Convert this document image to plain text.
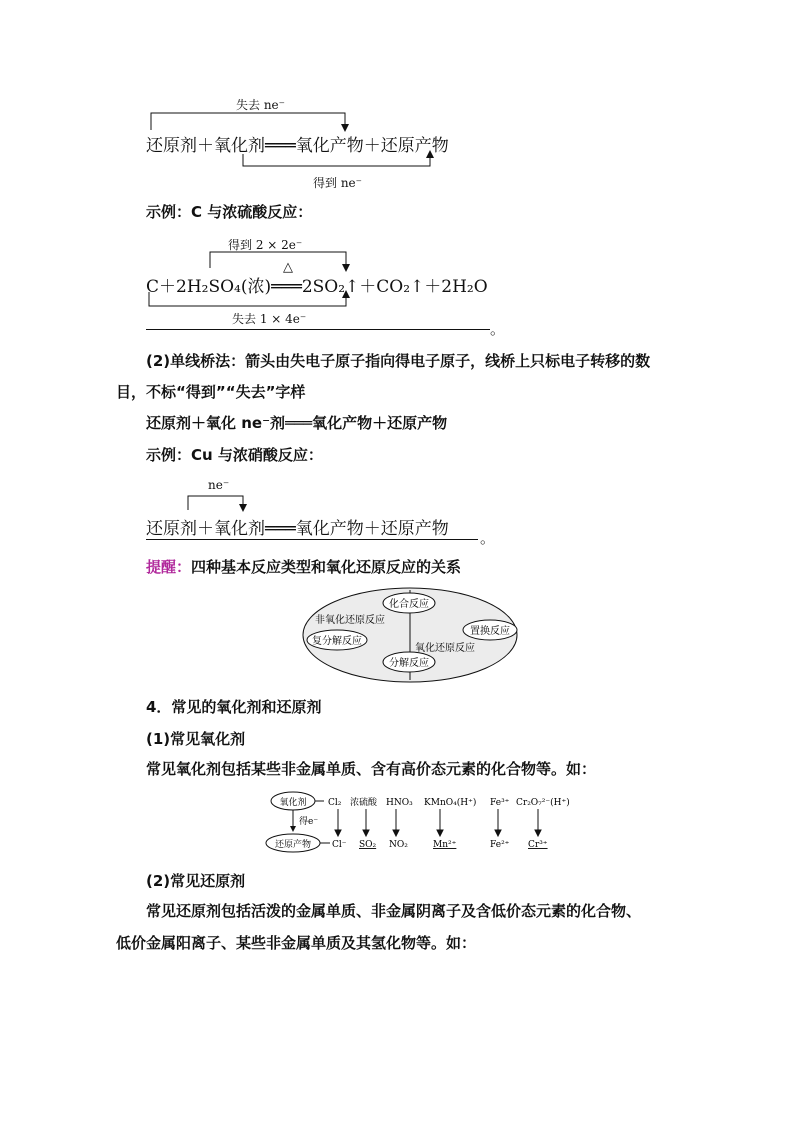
失去 ne⁻
还原剂＋氧化剂═══氧化产物＋还原产物
得到 ne⁻
示例：C 与浓硫酸反应：
得到 2 × 2e⁻
△
C＋2H₂SO₄(浓)═══2SO₂↑＋CO₂↑＋2H₂O
失去 1 × 4e⁻
。
(2)单线桥法：箭头由失电子原子指向得电子原子，线桥上只标电子转移的数
目，不标“得到”“失去”字样
还原剂＋氧化 ne⁻剂═══氧化产物＋还原产物
示例：Cu 与浓硝酸反应：
ne⁻
还原剂＋氧化剂═══氧化产物＋还原产物 。
提醒：四种基本反应类型和氧化还原反应的关系
化合反应
非氧化还原反应
复分解反应
置换反应
氧化还原反应
分解反应
4．常见的氧化剂和还原剂
(1)常见氧化剂
常见氧化剂包括某些非金属单质、含有高价态元素的化合物等。如：
氧化剂
得e⁻
还原产物
Cl₂ 浓硫酸 HNO₃ KMnO₄(H⁺) Fe³⁺ Cr₂O₇²⁻(H⁺)
Cl⁻ SO₂ NO₂	Mn²⁺	Fe²⁺ Cr³⁺
(2)常见还原剂
常见还原剂包括活泼的金属单质、非金属阴离子及含低价态元素的化合物、
低价金属阳离子、某些非金属单质及其氢化物等。如：
